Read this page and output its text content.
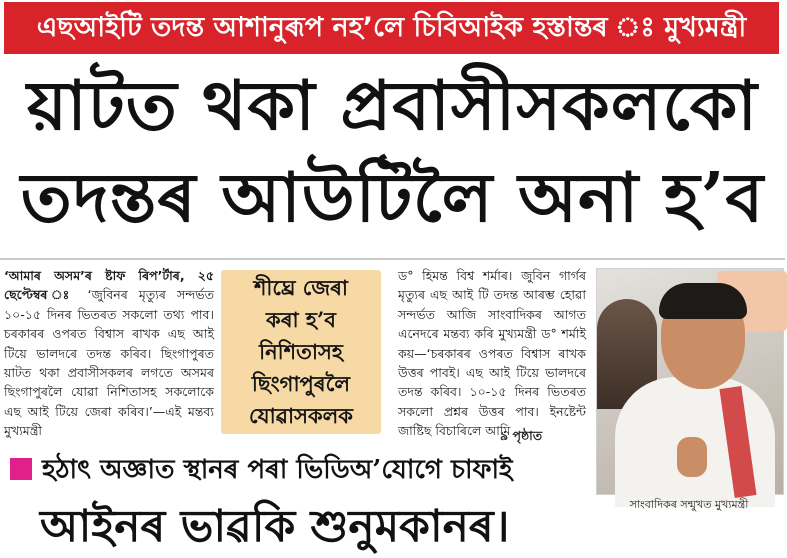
এছআইটি তদন্ত আশানুৰূপ নহ’লে চিবিআইক হস্তান্তৰ ঃ মুখ্যমন্ত্ৰী
য়াটত থকা প্ৰবাসীসকলকো
তদন্তৰ আউটিলৈ অনা হ’ব
‘আমাৰ অসম’ৰ ষ্টাফ ৰিপ’ৰ্টাৰ, ২৫ ছেপ্টেম্বৰ ঃ ‘জুবিনৰ মৃত্যুৰ সন্দৰ্ভত ১০-১৫ দিনৰ ভিতৰত সকলো তথ্য পাব। চৰকাৰৰ ওপৰত বিশ্বাস ৰাখক এছ আই টিয়ে ভালদৰে তদন্ত কৰিব। ছিংগাপুৰত য়াটত থকা প্ৰবাসীসকলৰ লগতে অসমৰ ছিংগাপুৰলৈ যোৱা নিশিতাসহ সকলোকে এছ আই টিয়ে জেৰা কৰিব।’—এই মন্তব্য মুখ্যমন্ত্ৰী
শীঘ্ৰে জেৰা
কৰা হ’ব
নিশিতাসহ
ছিংগাপুৰলৈ
যোৱাসকলক
ড° হিমন্ত বিশ্ব শৰ্মাৰ। জুবিন গাৰ্গৰ মৃত্যুৰ এছ আই টি তদন্ত আৰম্ভ হোৱা সন্দৰ্ভত আজি সাংবাদিকৰ আগত এনেদৰে মন্তব্য কৰি মুখ্যমন্ত্ৰী ড° শৰ্মাই কয়—‘চৰকাৰৰ ওপৰত বিশ্বাস ৰাখক উত্তৰ পাবই। এছ আই টিয়ে ভালদৰে তদন্ত কৰিব। ১০-১৫ দিনৰ ভিতৰত সকলো প্ৰশ্নৰ উত্তৰ পাব। ইনষ্টেন্ট জাষ্টিছ বিচাৰিলে আমি
৯ পৃষ্ঠাত
সাংবাদিকৰ সন্মুখত মুখ্যমন্ত্ৰী
হঠাৎ অজ্ঞাত স্থানৰ পৰা ভিডিঅ’যোগে চাফাই
আইনৰ ভাৱকি শুনুমকানৰ।
